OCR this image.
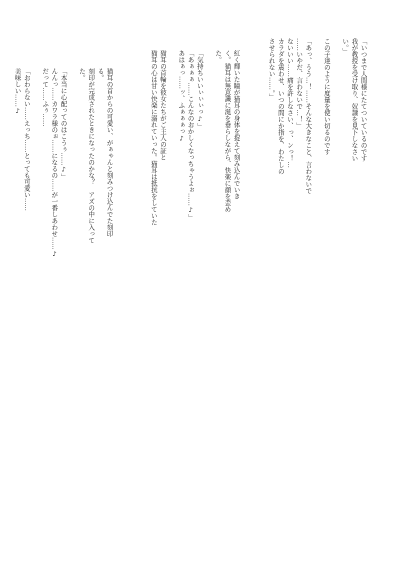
「いつまで人間様にたてついているのです
我が教授を受け取り、奴隷を見下しなさい
い。」

この子達のように度量を使い切るのです

「あっ、うう…！……そんな大きなこと、言わないで
……いやだ、言わないで…！」
ないいい……痛を許しなさい、っ、ンっ！…
カラダを震わせ、いつの間にか指を、わたしの
させられない……。」

紅く輝いた瞳が猫耳の身体を捉えて刻み込んでいき
く。猫耳は無意識に涎を垂らしながら、快楽に顔を歪め
た。

「気持ちいいぃぃぃっ♪」
「あぁぁぁ……こんなのおかしくなっちゃうよぉ……♪」
あはぁっ……ッ、ふぁぁぁっ♪

猫耳の首輪を彼女たちがご主人の証と
猫耳の心は甘い快楽に溺れていった。猫耳は抵抗をしていた

猫耳の首からの可愛い、がぁゃんと刻みつけ込んでた刻印
る。
刻印が完成されたときになったのかな？　アズの中に入って
た。

「本当に心配ってのはこうぅ……♪」
んんっ……カワラ様のぉ……になるの……が一番しあわせ……♪
だって……ふぅ……

「おわらない……えっち……とっても可愛い……
美味しい……♪
